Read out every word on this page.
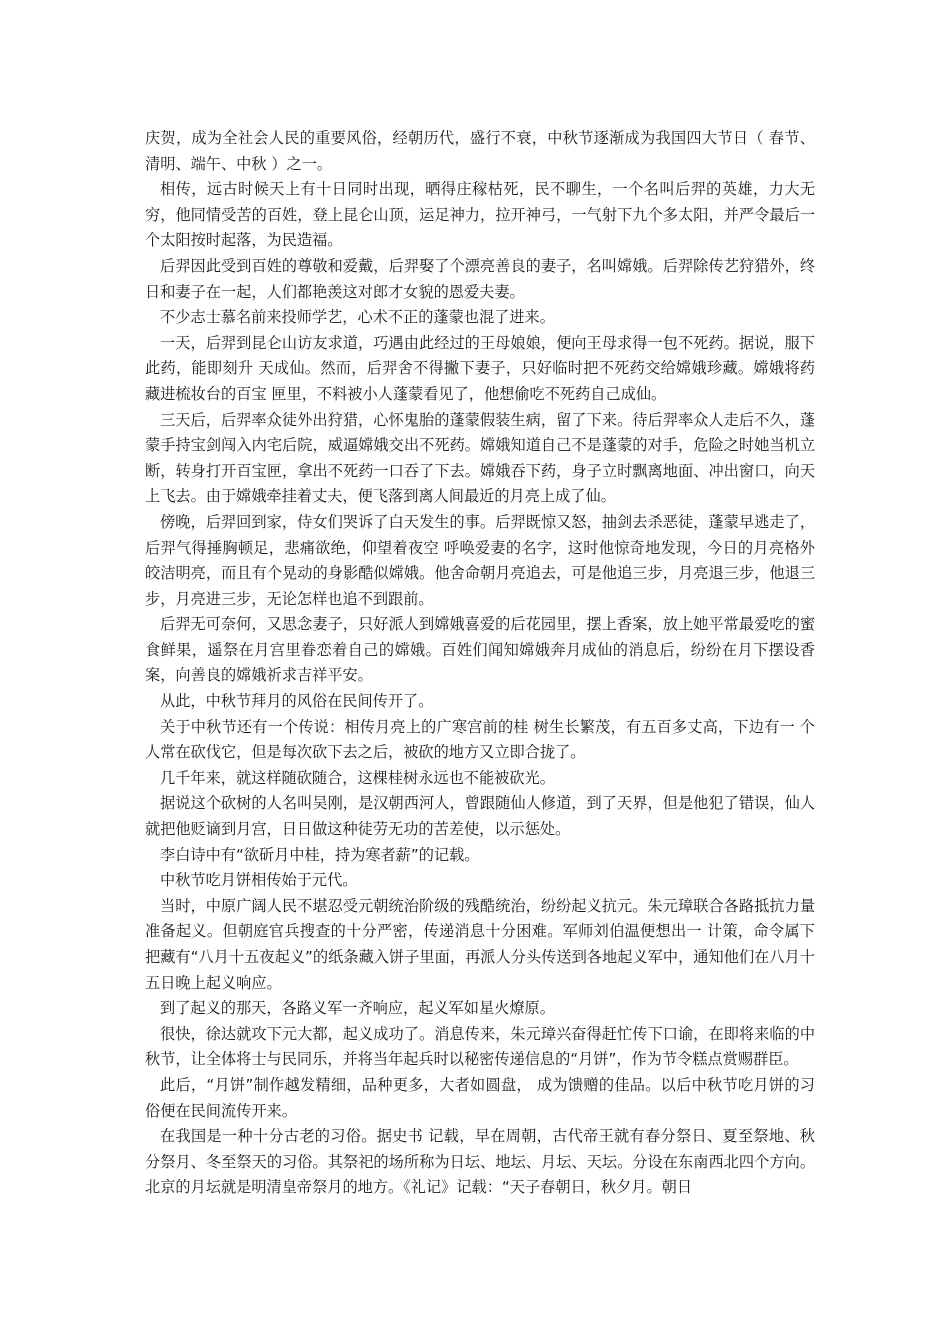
庆贺，成为全社会人民的重要风俗，经朝历代，盛行不衰，中秋节逐渐成为我国四大节日（ 春节、清明、端午、中秋 ）之一。

相传，远古时候天上有十日同时出现，晒得庄稼枯死，民不聊生，一个名叫后羿的英雄，力大无穷，他同情受苦的百姓，登上昆仑山顶，运足神力，拉开神弓，一气射下九个多太阳，并严令最后一个太阳按时起落，为民造福。

后羿因此受到百姓的尊敬和爱戴，后羿娶了个漂亮善良的妻子，名叫嫦娥。后羿除传艺狩猎外，终日和妻子在一起，人们都艳羡这对郎才女貌的恩爱夫妻。

不少志士慕名前来投师学艺，心术不正的蓬蒙也混了进来。

一天，后羿到昆仑山访友求道，巧遇由此经过的王母娘娘，便向王母求得一包不死药。据说，服下此药，能即刻升 天成仙。然而，后羿舍不得撇下妻子，只好临时把不死药交给嫦娥珍藏。嫦娥将药藏进梳妆台的百宝 匣里，不料被小人蓬蒙看见了，他想偷吃不死药自己成仙。

三天后，后羿率众徒外出狩猎，心怀鬼胎的蓬蒙假装生病，留了下来。待后羿率众人走后不久，蓬蒙手持宝剑闯入内宅后院，威逼嫦娥交出不死药。嫦娥知道自己不是蓬蒙的对手，危险之时她当机立断，转身打开百宝匣，拿出不死药一口吞了下去。嫦娥吞下药，身子立时飘离地面、冲出窗口，向天上飞去。由于嫦娥牵挂着丈夫，便飞落到离人间最近的月亮上成了仙。

傍晚，后羿回到家，侍女们哭诉了白天发生的事。后羿既惊又怒，抽剑去杀恶徒，蓬蒙早逃走了，后羿气得捶胸顿足，悲痛欲绝，仰望着夜空 呼唤爱妻的名字，这时他惊奇地发现，今日的月亮格外皎洁明亮，而且有个晃动的身影酷似嫦娥。他舍命朝月亮追去，可是他追三步，月亮退三步，他退三步，月亮进三步，无论怎样也追不到跟前。

后羿无可奈何，又思念妻子，只好派人到嫦娥喜爱的后花园里，摆上香案，放上她平常最爱吃的蜜食鲜果，遥祭在月宫里眷恋着自己的嫦娥。百姓们闻知嫦娥奔月成仙的消息后，纷纷在月下摆设香案，向善良的嫦娥祈求吉祥平安。

从此，中秋节拜月的风俗在民间传开了。

关于中秋节还有一个传说：相传月亮上的广寒宫前的桂 树生长繁茂，有五百多丈高，下边有一 个人常在砍伐它，但是每次砍下去之后，被砍的地方又立即合拢了。

几千年来，就这样随砍随合，这棵桂树永远也不能被砍光。

据说这个砍树的人名叫吴刚，是汉朝西河人，曾跟随仙人修道，到了天界，但是他犯了错误，仙人就把他贬谪到月宫，日日做这种徒劳无功的苦差使，以示惩处。

李白诗中有“欲斫月中桂，持为寒者薪”的记载。

中秋节吃月饼相传始于元代。

当时，中原广阔人民不堪忍受元朝统治阶级的残酷统治，纷纷起义抗元。朱元璋联合各路抵抗力量准备起义。但朝庭官兵搜查的十分严密，传递消息十分困难。军师刘伯温便想出一 计策，命令属下把藏有“八月十五夜起义”的纸条藏入饼子里面，再派人分头传送到各地起义军中，通知他们在八月十五日晚上起义响应。

到了起义的那天，各路义军一齐响应，起义军如星火燎原。

很快，徐达就攻下元大都，起义成功了。消息传来，朱元璋兴奋得赶忙传下口谕，在即将来临的中秋节，让全体将士与民同乐，并将当年起兵时以秘密传递信息的“月饼”，作为节令糕点赏赐群臣。

此后，“月饼”制作越发精细，品种更多，大者如圆盘， 成为馈赠的佳品。以后中秋节吃月饼的习俗便在民间流传开来。

在我国是一种十分古老的习俗。据史书 记载，早在周朝，古代帝王就有春分祭日、夏至祭地、秋分祭月、冬至祭天的习俗。其祭祀的场所称为日坛、地坛、月坛、天坛。分设在东南西北四个方向。北京的月坛就是明清皇帝祭月的地方。《礼记》记载：“天子春朝日，秋夕月。朝日
